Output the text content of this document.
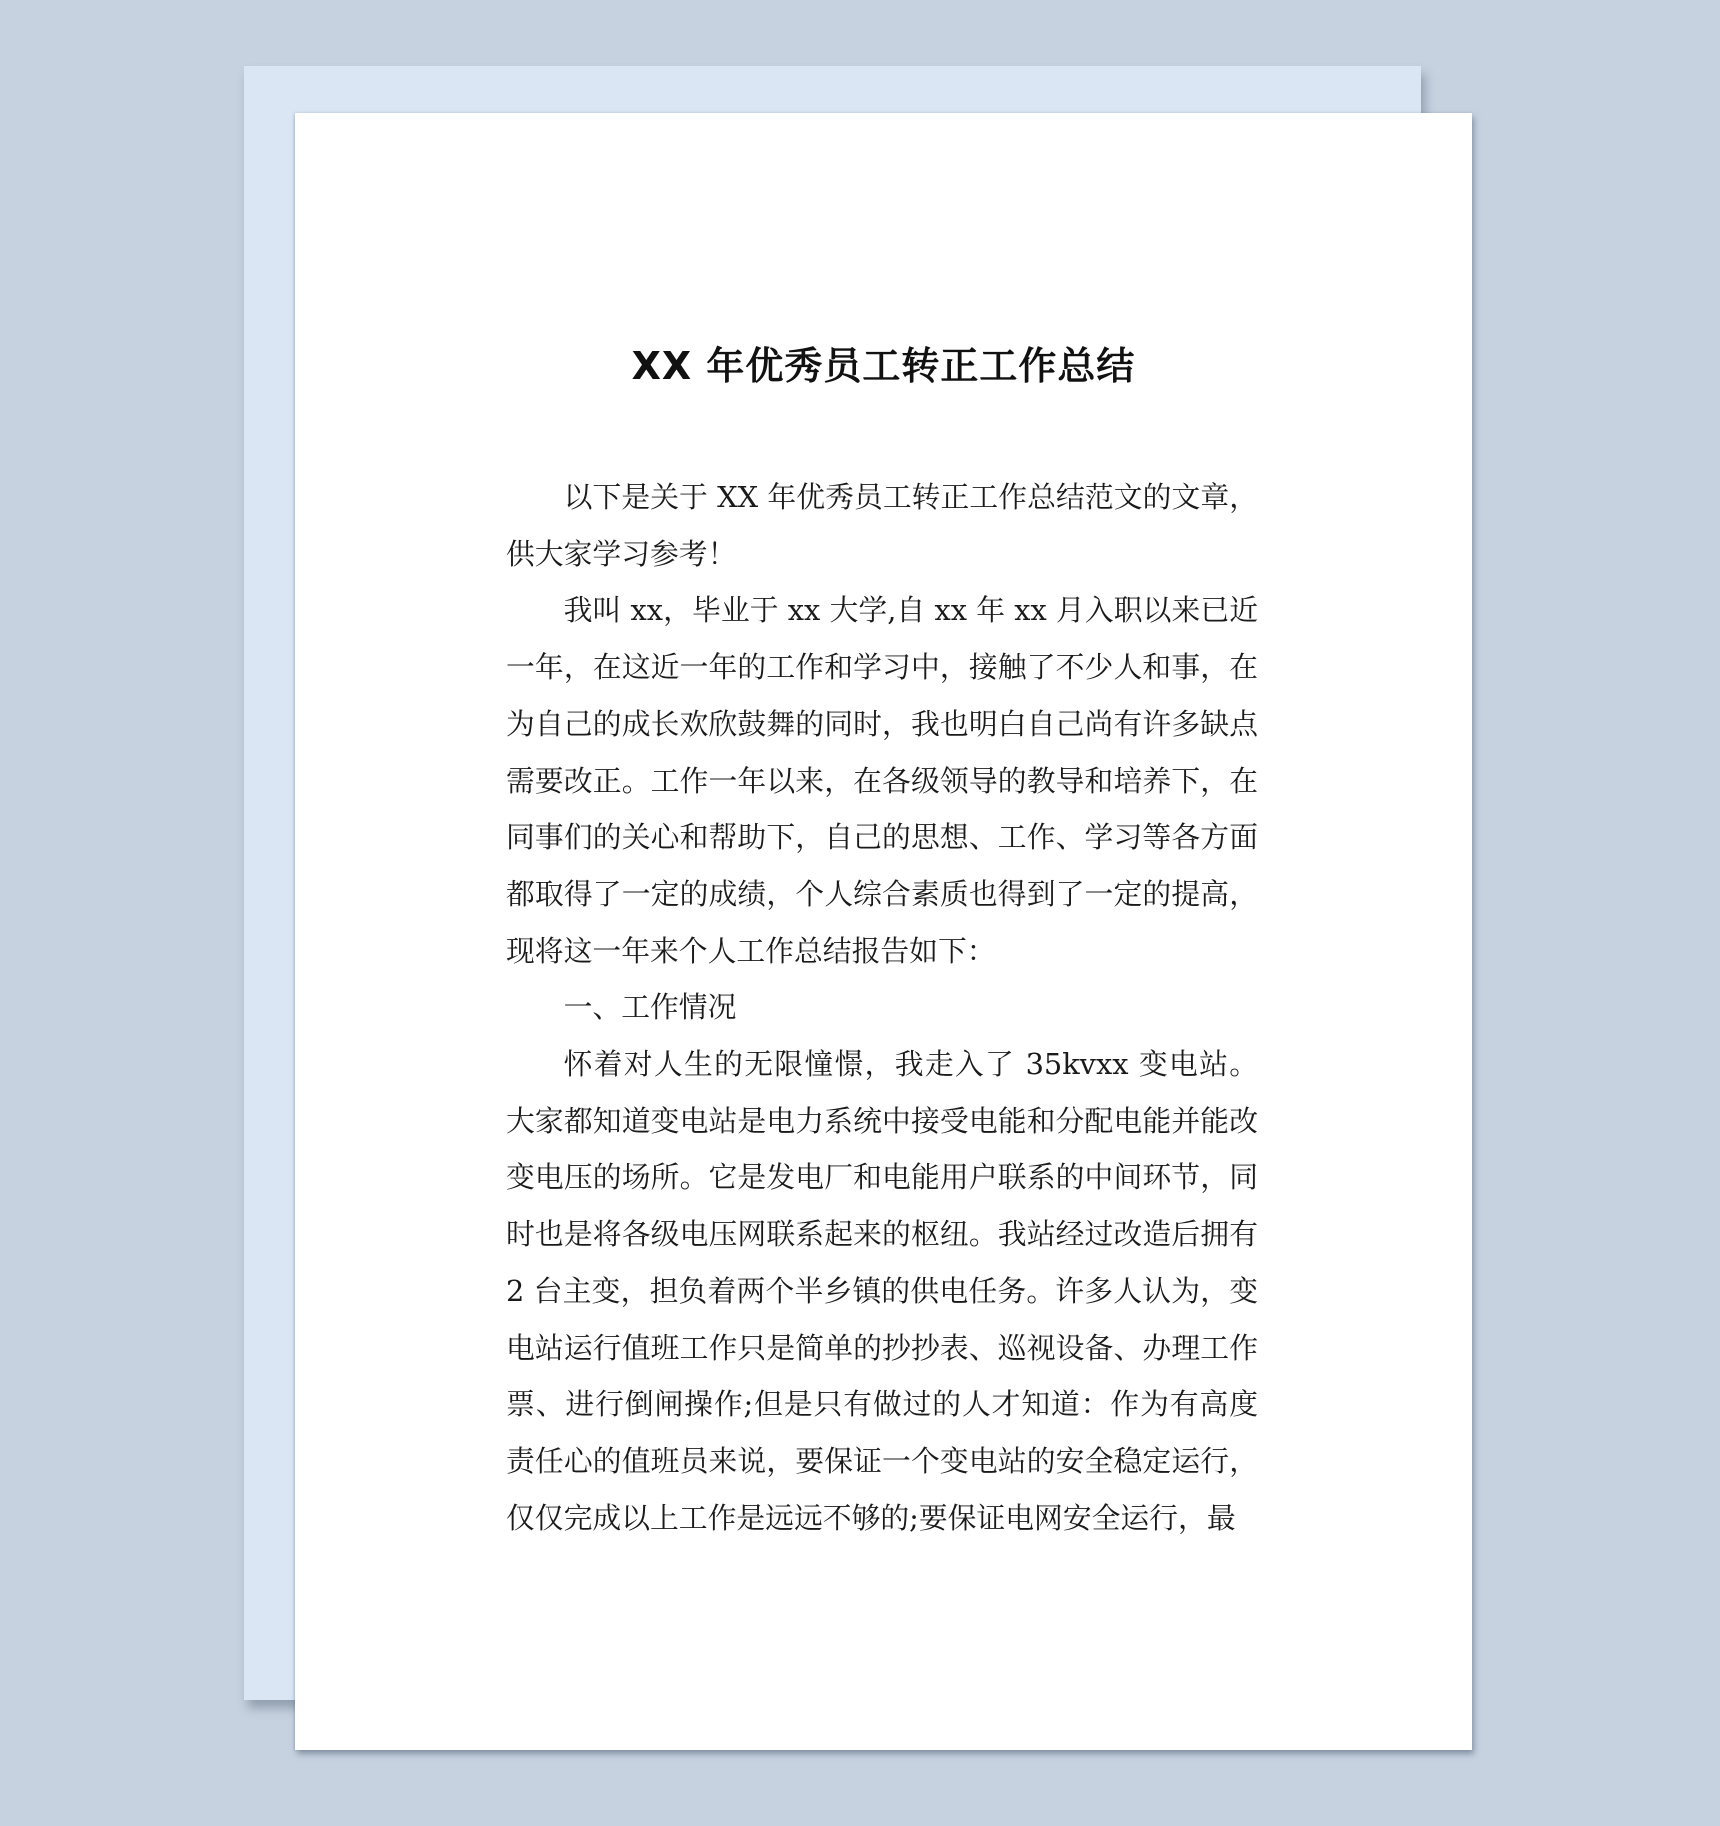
XX 年优秀员工转正工作总结

以下是关于 XX 年优秀员工转正工作总结范文的文章，供大家学习参考！

我叫 xx，毕业于 xx 大学,自 xx 年 xx 月入职以来已近一年，在这近一年的工作和学习中，接触了不少人和事，在为自己的成长欢欣鼓舞的同时，我也明白自己尚有许多缺点需要改正。工作一年以来，在各级领导的教导和培养下，在同事们的关心和帮助下，自己的思想、工作、学习等各方面都取得了一定的成绩，个人综合素质也得到了一定的提高，现将这一年来个人工作总结报告如下：

一、工作情况

怀着对人生的无限憧憬，我走入了 35kvxx 变电站。大家都知道变电站是电力系统中接受电能和分配电能并能改变电压的场所。它是发电厂和电能用户联系的中间环节，同时也是将各级电压网联系起来的枢纽。我站经过改造后拥有 2 台主变，担负着两个半乡镇的供电任务。许多人认为，变电站运行值班工作只是简单的抄抄表、巡视设备、办理工作票、进行倒闸操作;但是只有做过的人才知道：作为有高度责任心的值班员来说，要保证一个变电站的安全稳定运行，仅仅完成以上工作是远远不够的;要保证电网安全运行，最
